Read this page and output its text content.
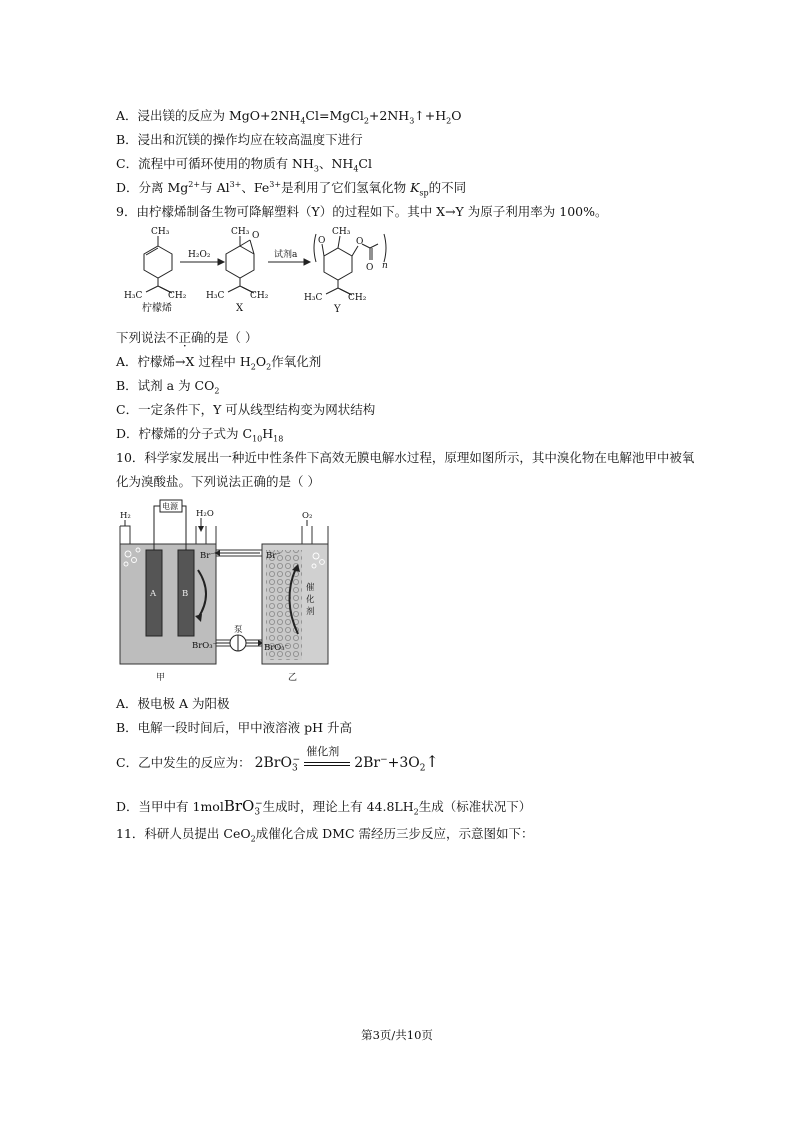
A．浸出镁的反应为 $MgO+2NH_4Cl=MgCl_2+2NH_3↑+H_2O$
B．浸出和沉镁的操作均应在较高温度下进行
C．流程中可循环使用的物质有 $NH_3$、$NH_4Cl$
D．分离 $Mg^{2+}$与 $Al^{3+}$、$Fe^{3+}$是利用了它们氢氧化物 $K_{sp}$的不同
9．由柠檬烯制备生物可降解塑料（Y）的过程如下。其中 X→Y 为原子利用率为 100%。
CH₃
H₃C	CH₂
柠檬烯
H₂O₂
CH₃ O
H₃C	CH₂
X
试剂a
O
CH₃
O
O n
H₃C	CH₂
Y
下列说法不正确的是（ ）
A．柠檬烯→X 过程中 $H_2O_2$作氧化剂
B．试剂 a 为 $CO_2$
C．一定条件下，Y 可从线型结构变为网状结构
D．柠檬烯的分子式为 $C_{10}H_{18}$
10．科学家发展出一种近中性条件下高效无膜电解水过程，原理如图所示，其中溴化物在电解池甲中被氧
化为溴酸盐。下列说法正确的是（ ）
电源
H₂	H₂O	O₂
Br⁻	Br⁻
BrO₃⁻	BrO₃⁻
泵
A	B
催
化
剂
甲	乙
A．极电极 A 为阳极
B．电解一段时间后，甲中液溶液 pH 升高
C．乙中发生的反应为： 2BrO$_3$−
催化剂
$2Br^-+3O_2↑$
D．当甲中有 1molBrO$_3$−生成时，理论上有 $44.8LH_2$生成（标准状况下）
11．科研人员提出 CeO$_2$成催化合成 DMC 需经历三步反应，示意图如下：
第3页/共10页
